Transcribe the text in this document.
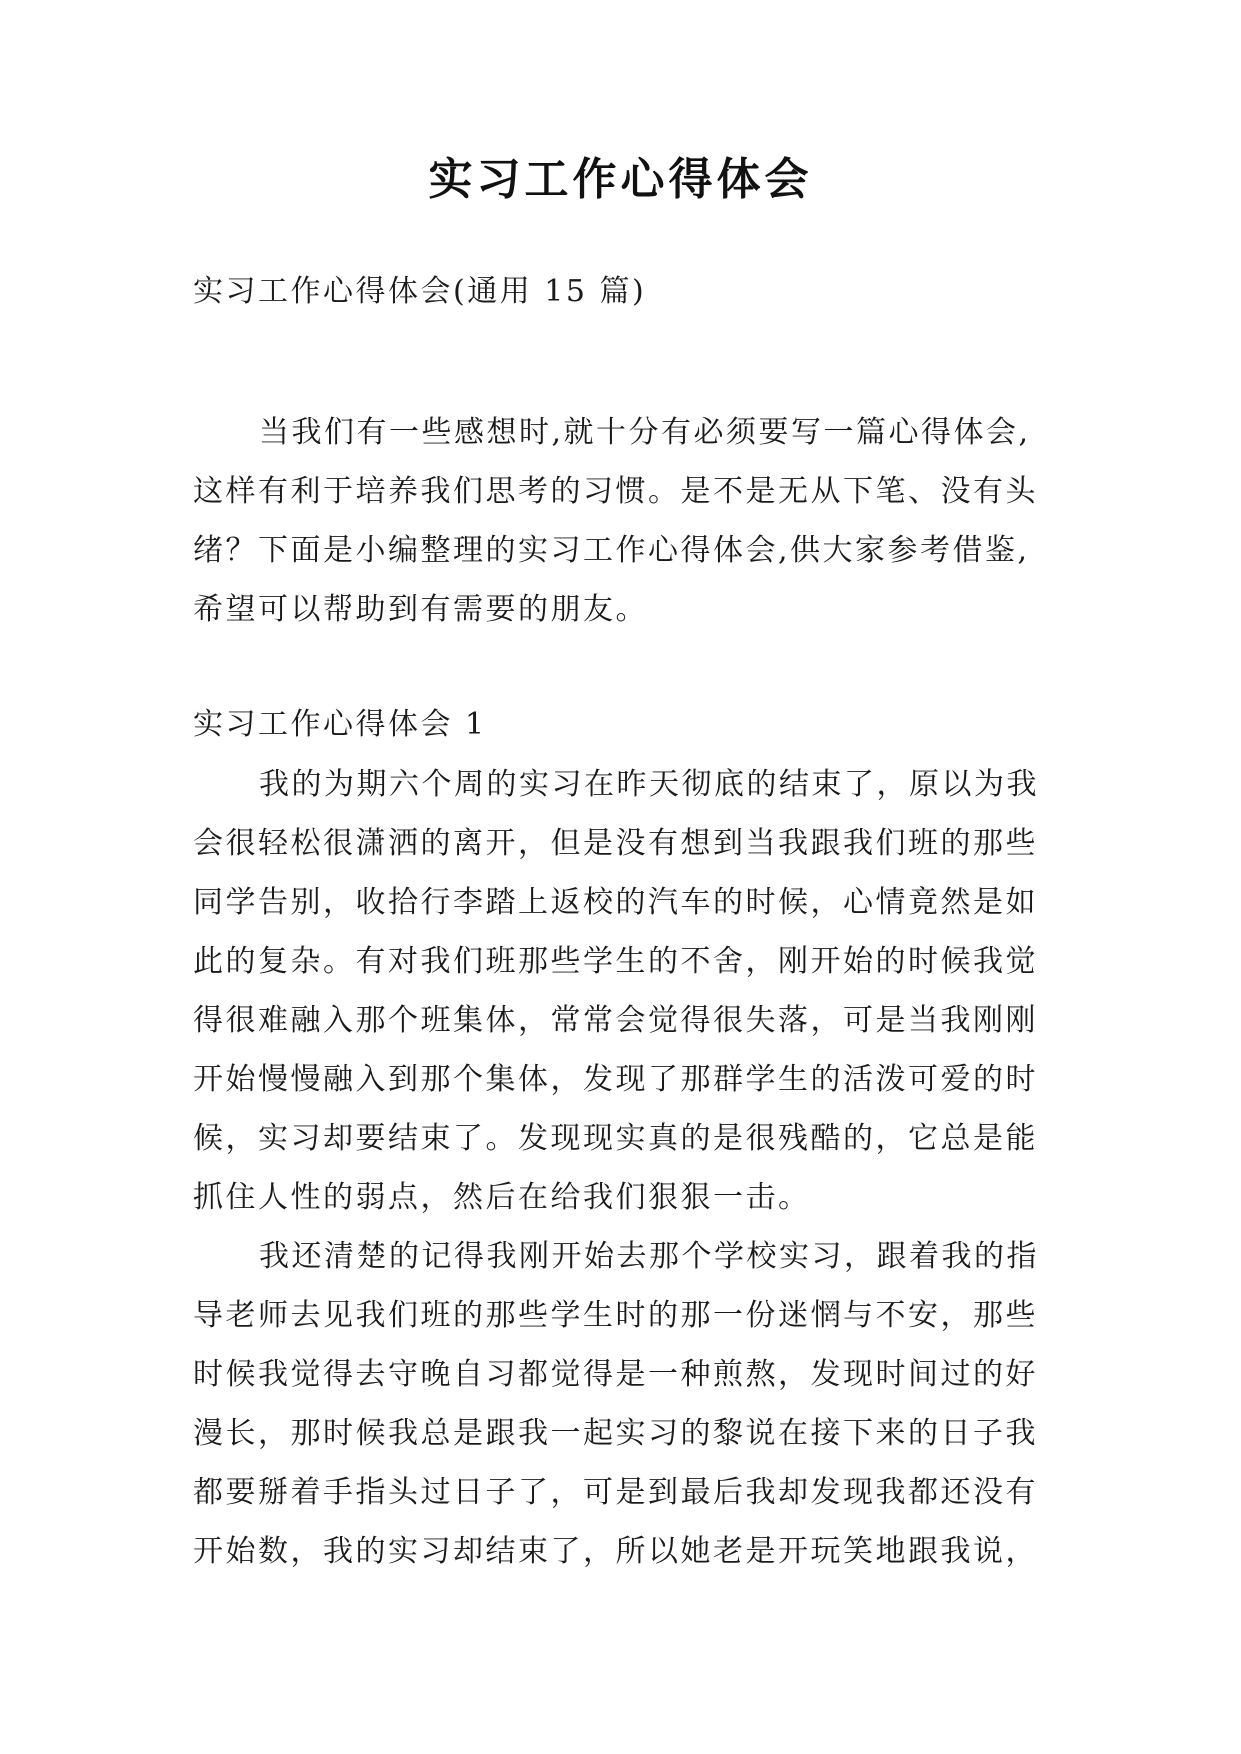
实习工作心得体会

实习工作心得体会(通用 15 篇)

当我们有一些感想时,就十分有必须要写一篇心得体会,这样有利于培养我们思考的习惯。是不是无从下笔、没有头绪？下面是小编整理的实习工作心得体会,供大家参考借鉴,希望可以帮助到有需要的朋友。

实习工作心得体会 1

我的为期六个周的实习在昨天彻底的结束了，原以为我会很轻松很潇洒的离开，但是没有想到当我跟我们班的那些同学告别，收拾行李踏上返校的汽车的时候，心情竟然是如此的复杂。有对我们班那些学生的不舍，刚开始的时候我觉得很难融入那个班集体，常常会觉得很失落，可是当我刚刚开始慢慢融入到那个集体，发现了那群学生的活泼可爱的时候，实习却要结束了。发现现实真的是很残酷的，它总是能抓住人性的弱点，然后在给我们狠狠一击。

我还清楚的记得我刚开始去那个学校实习，跟着我的指导老师去见我们班的那些学生时的那一份迷惘与不安，那些时候我觉得去守晚自习都觉得是一种煎熬，发现时间过的好漫长，那时候我总是跟我一起实习的黎说在接下来的日子我都要掰着手指头过日子了，可是到最后我却发现我都还没有开始数，我的实习却结束了，所以她老是开玩笑地跟我说，
